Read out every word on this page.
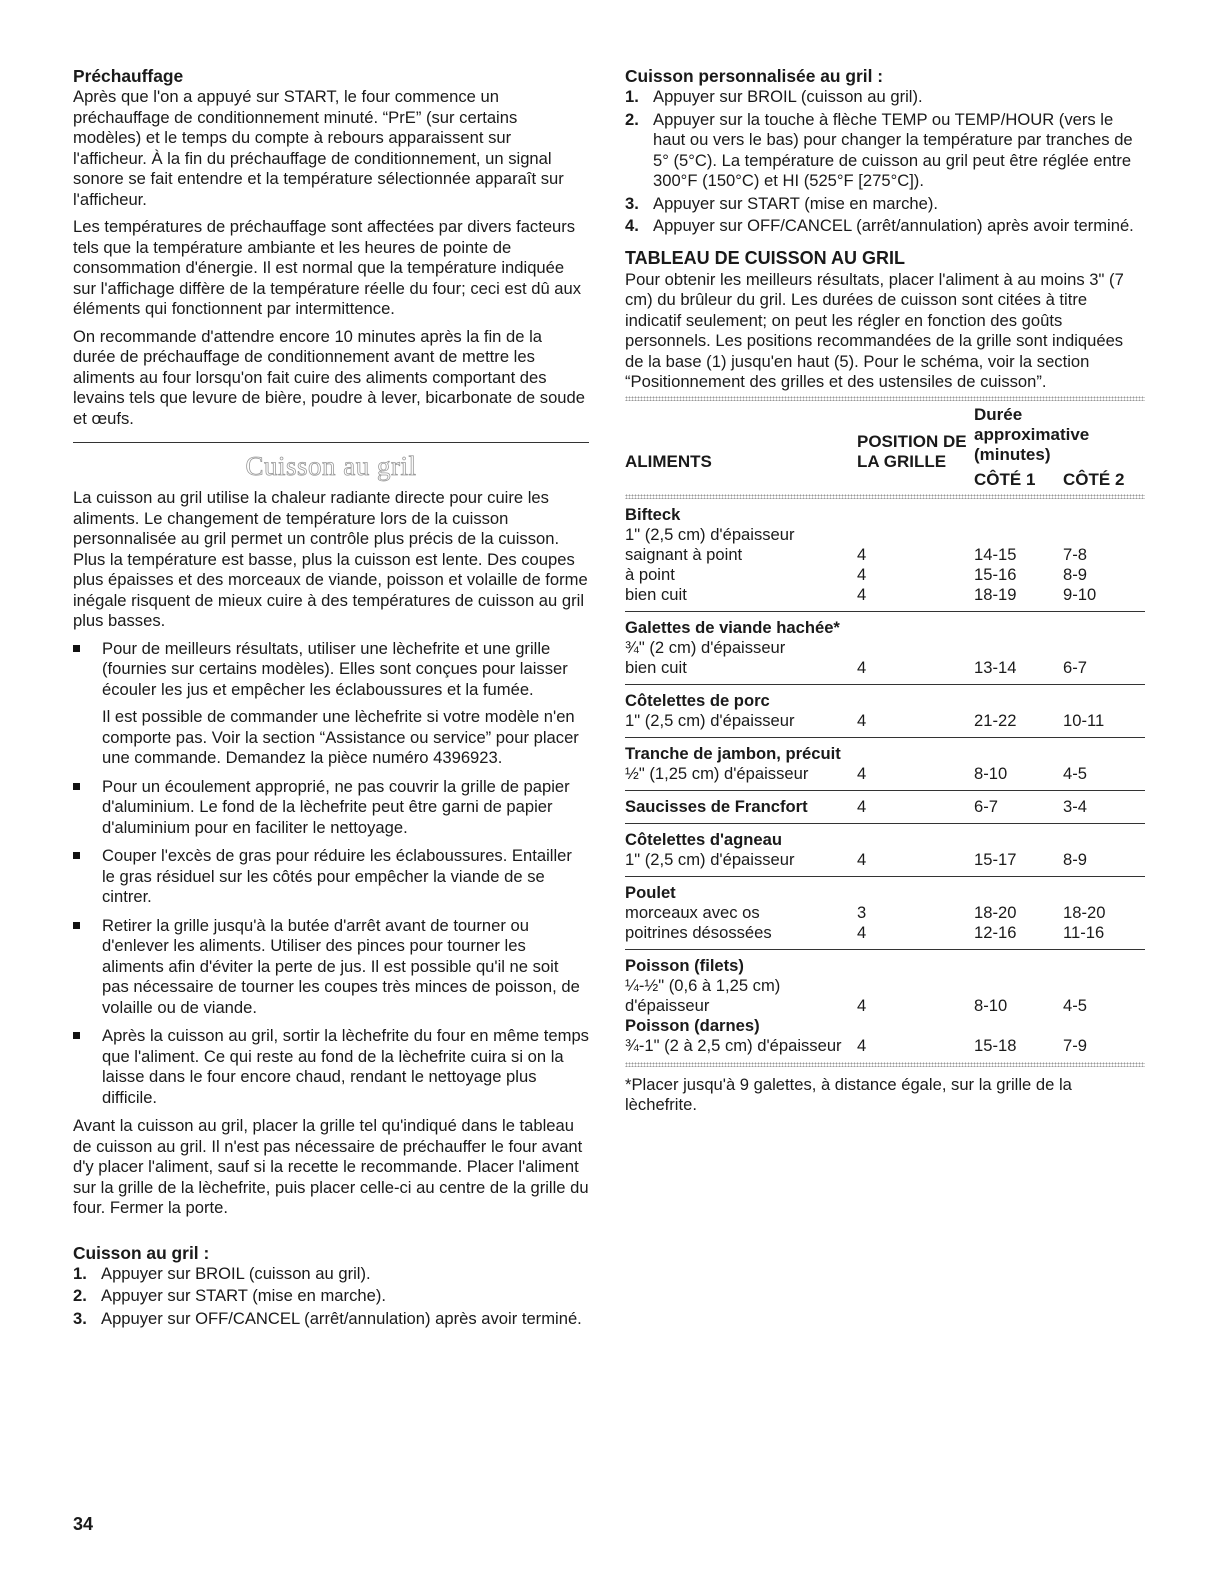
Préchauffage

Après que l'on a appuyé sur START, le four commence un préchauffage de conditionnement minuté. “PrE” (sur certains modèles) et le temps du compte à rebours apparaissent sur l'afficheur. À la fin du préchauffage de conditionnement, un signal sonore se fait entendre et la température sélectionnée apparaît sur l'afficheur.

Les températures de préchauffage sont affectées par divers facteurs tels que la température ambiante et les heures de pointe de consommation d'énergie. Il est normal que la température indiquée sur l'affichage diffère de la température réelle du four; ceci est dû aux éléments qui fonctionnent par intermittence.

On recommande d'attendre encore 10 minutes après la fin de la durée de préchauffage de conditionnement avant de mettre les aliments au four lorsqu'on fait cuire des aliments comportant des levains tels que levure de bière, poudre à lever, bicarbonate de soude et œufs.

Cuisson au gril

La cuisson au gril utilise la chaleur radiante directe pour cuire les aliments. Le changement de température lors de la cuisson personnalisée au gril permet un contrôle plus précis de la cuisson. Plus la température est basse, plus la cuisson est lente. Des coupes plus épaisses et des morceaux de viande, poisson et volaille de forme inégale risquent de mieux cuire à des températures de cuisson au gril plus basses.

Pour de meilleurs résultats, utiliser une lèchefrite et une grille (fournies sur certains modèles). Elles sont conçues pour laisser écouler les jus et empêcher les éclaboussures et la fumée.

Il est possible de commander une lèchefrite si votre modèle n'en comporte pas. Voir la section “Assistance ou service” pour placer une commande. Demandez la pièce numéro 4396923.

Pour un écoulement approprié, ne pas couvrir la grille de papier d'aluminium. Le fond de la lèchefrite peut être garni de papier d'aluminium pour en faciliter le nettoyage.

Couper l'excès de gras pour réduire les éclaboussures. Entailler le gras résiduel sur les côtés pour empêcher la viande de se cintrer.

Retirer la grille jusqu'à la butée d'arrêt avant de tourner ou d'enlever les aliments. Utiliser des pinces pour tourner les aliments afin d'éviter la perte de jus. Il est possible qu'il ne soit pas nécessaire de tourner les coupes très minces de poisson, de volaille ou de viande.

Après la cuisson au gril, sortir la lèchefrite du four en même temps que l'aliment. Ce qui reste au fond de la lèchefrite cuira si on la laisse dans le four encore chaud, rendant le nettoyage plus difficile.

Avant la cuisson au gril, placer la grille tel qu'indiqué dans le tableau de cuisson au gril. Il n'est pas nécessaire de préchauffer le four avant d'y placer l'aliment, sauf si la recette le recommande. Placer l'aliment sur la grille de la lèchefrite, puis placer celle-ci au centre de la grille du four. Fermer la porte.

Cuisson au gril :
1. Appuyer sur BROIL (cuisson au gril).
2. Appuyer sur START (mise en marche).
3. Appuyer sur OFF/CANCEL (arrêt/annulation) après avoir terminé.
Cuisson personnalisée au gril :
1. Appuyer sur BROIL (cuisson au gril).
2. Appuyer sur la touche à flèche TEMP ou TEMP/HOUR (vers le haut ou vers le bas) pour changer la température par tranches de 5° (5°C). La température de cuisson au gril peut être réglée entre 300°F (150°C) et HI (525°F [275°C]).
3. Appuyer sur START (mise en marche).
4. Appuyer sur OFF/CANCEL (arrêt/annulation) après avoir terminé.
TABLEAU DE CUISSON AU GRIL

Pour obtenir les meilleurs résultats, placer l'aliment à au moins 3" (7 cm) du brûleur du gril. Les durées de cuisson sont citées à titre indicatif seulement; on peut les régler en fonction des goûts personnels. Les positions recommandées de la grille sont indiquées de la base (1) jusqu'en haut (5). Pour le schéma, voir la section “Positionnement des grilles et des ustensiles de cuisson”.

ALIMENTS	POSITION DE LA GRILLE	Durée approximative (minutes)
CÔTÉ 1 CÔTÉ 2	

Bifteck			
1" (2,5 cm) d'épaisseur			
saignant à point	4	14-15	7-8
à point	4	15-16	8-9
bien cuit	4	18-19	9-10
Galettes de viande hachée*			
¾" (2 cm) d'épaisseur			
bien cuit	4	13-14	6-7
Côtelettes de porc			
1" (2,5 cm) d'épaisseur	4	21-22	10-11
Tranche de jambon, précuit			
½" (1,25 cm) d'épaisseur	4	8-10	4-5
Saucisses de Francfort	4	6-7	3-4
Côtelettes d'agneau			
1" (2,5 cm) d'épaisseur	4	15-17	8-9
Poulet			
morceaux avec os	3	18-20	18-20
poitrines désossées	4	12-16	11-16
Poisson (filets)			
¼-½" (0,6 à 1,25 cm) d'épaisseur	4	8-10	4-5
Poisson (darnes)			
¾-1" (2 à 2,5 cm) d'épaisseur	4	15-18	7-9

*Placer jusqu'à 9 galettes, à distance égale, sur la grille de la lèchefrite.

34
